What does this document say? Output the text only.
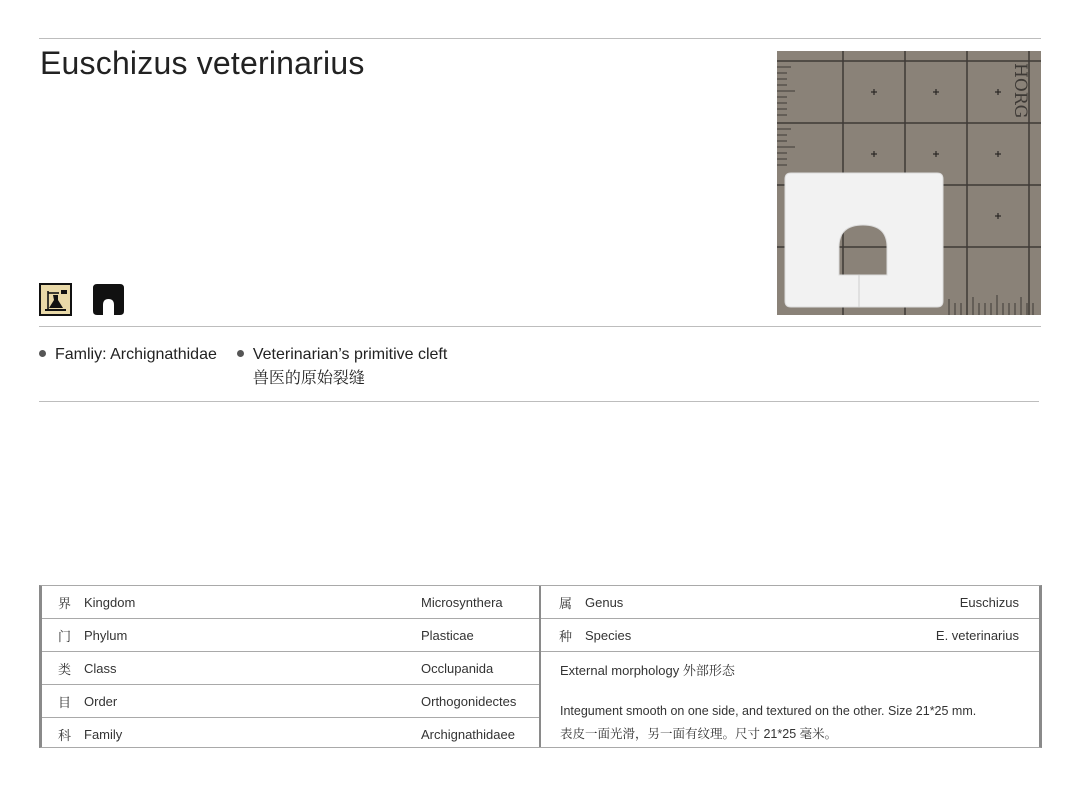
Euschizus veterinarius	HORG
Famliy: Archignathidae Veterinarian’s primitive cleft
兽医的原始裂缝
界 Kingdom	Microsynthera
门 Phylum	Plasticae
类 Class	Occlupanida
目 Order	Orthogonidectes
科 Family	Archignathidaee
属 Genus	Euschizus
种 Species	E. veterinarius
External morphology 外部形态
Integument smooth on one side, and textured on the other. Size 21*25 mm.
表皮一面光滑，另一面有纹理。尺寸 21*25 毫米。
